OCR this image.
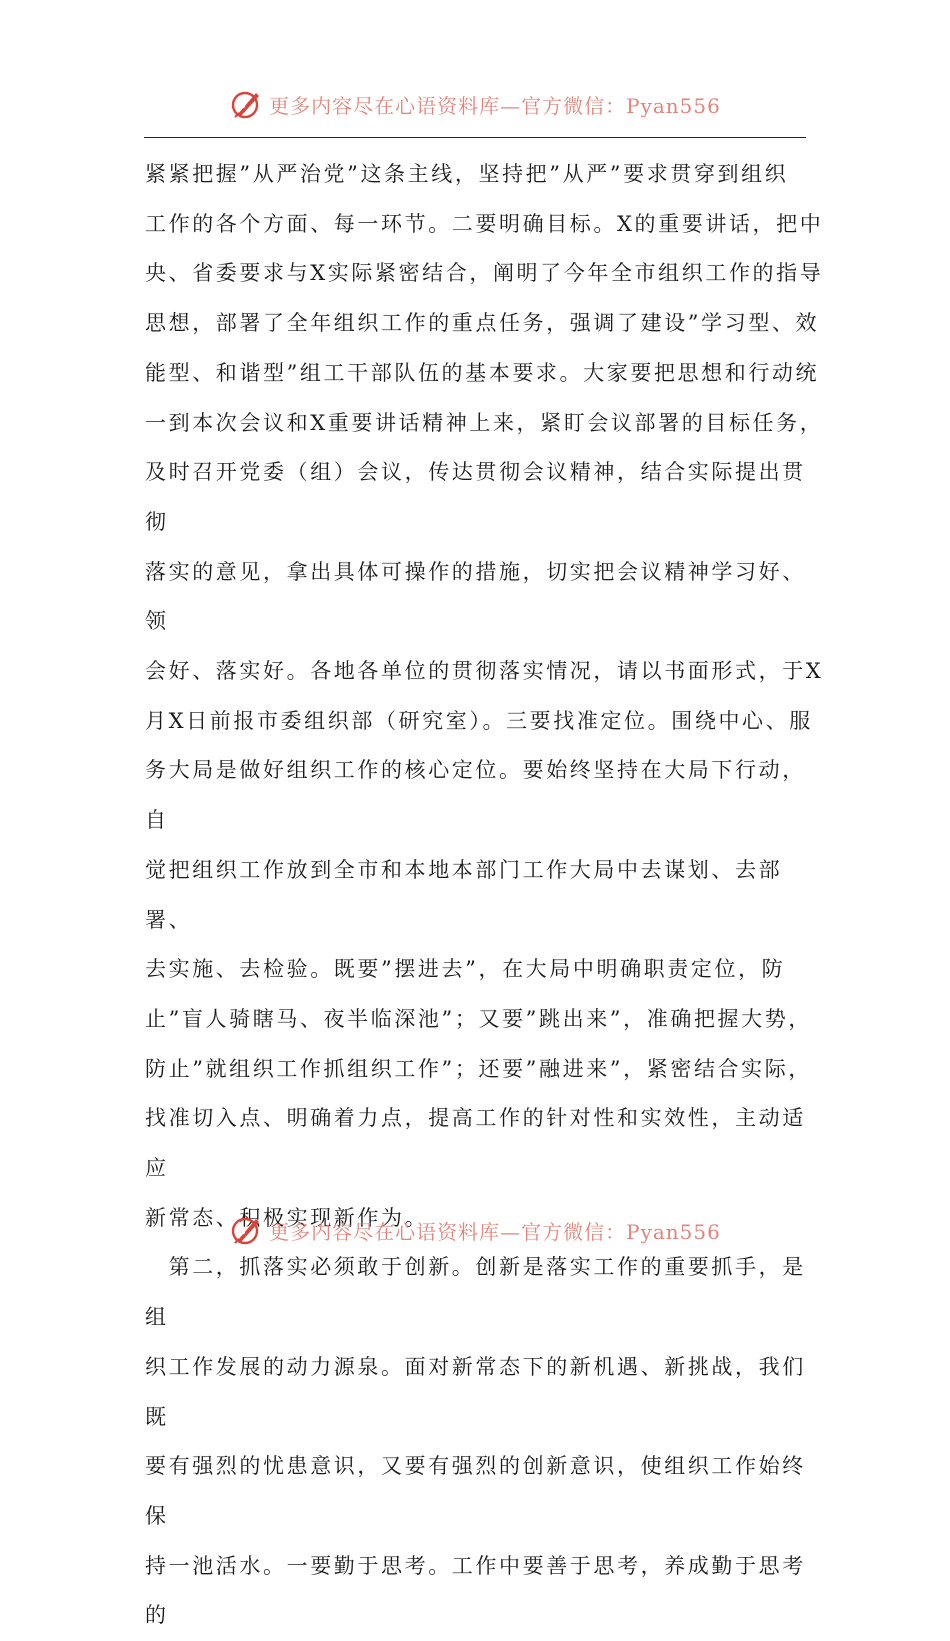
更多内容尽在心语资料库—官方微信：Pyan556

紧紧把握”从严治党”这条主线，坚持把”从严”要求贯穿到组织

工作的各个方面、每一环节。二要明确目标。X的重要讲话，把中

央、省委要求与X实际紧密结合，阐明了今年全市组织工作的指导

思想，部署了全年组织工作的重点任务，强调了建设”学习型、效

能型、和谐型”组工干部队伍的基本要求。大家要把思想和行动统

一到本次会议和X重要讲话精神上来，紧盯会议部署的目标任务，

及时召开党委（组）会议，传达贯彻会议精神，结合实际提出贯彻

落实的意见，拿出具体可操作的措施，切实把会议精神学习好、领

会好、落实好。各地各单位的贯彻落实情况，请以书面形式，于X

月X日前报市委组织部（研究室）。三要找准定位。围绕中心、服

务大局是做好组织工作的核心定位。要始终坚持在大局下行动，自

觉把组织工作放到全市和本地本部门工作大局中去谋划、去部署、

去实施、去检验。既要”摆进去”，在大局中明确职责定位，防

止”盲人骑瞎马、夜半临深池”；又要”跳出来”，准确把握大势，

防止”就组织工作抓组织工作”；还要”融进来”，紧密结合实际，

找准切入点、明确着力点，提高工作的针对性和实效性，主动适应

新常态、积极实现新作为。

　第二，抓落实必须敢于创新。创新是落实工作的重要抓手，是组

织工作发展的动力源泉。面对新常态下的新机遇、新挑战，我们既

要有强烈的忧患意识，又要有强烈的创新意识，使组织工作始终保

持一池活水。一要勤于思考。工作中要善于思考，养成勤于思考的

更多内容尽在心语资料库—官方微信：Pyan556
